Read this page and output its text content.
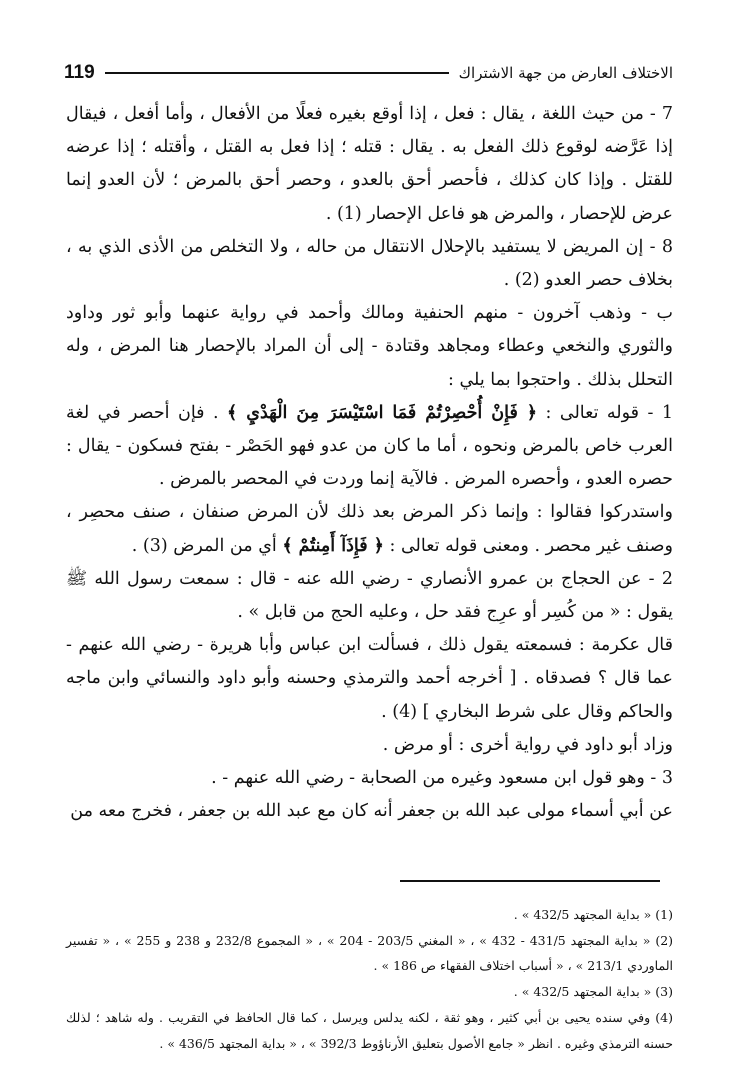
119	الاختلاف العارض من جهة الاشتراك

7 - من حيث اللغة ، يقال : فعل ، إذا أوقع بغيره فعلًا من الأفعال ، وأما أفعل ، فيقال إذا عَرَّضه لوقوع ذلك الفعل به . يقال : قتله ؛ إذا فعل به القتل ، وأقتله ؛ إذا عرضه للقتل . وإذا كان كذلك ، فأحصر أحق بالعدو ، وحصر أحق بالمرض ؛ لأن العدو إنما عرض للإحصار ، والمرض هو فاعل الإحصار (1) .

8 - إن المريض لا يستفيد بالإحلال الانتقال من حاله ، ولا التخلص من الأذى الذي به ، بخلاف حصر العدو (2) .

ب - وذهب آخرون - منهم الحنفية ومالك وأحمد في رواية عنهما وأبو ثور وداود والثوري والنخعي وعطاء ومجاهد وقتادة - إلى أن المراد بالإحصار هنا المرض ، وله التحلل بذلك . واحتجوا بما يلي :

1 - قوله تعالى : ﴿ فَإِنْ أُحْصِرْتُمْ فَمَا اسْتَيْسَرَ مِنَ الْهَدْيِ ﴾ . فإن أحصر في لغة العرب خاص بالمرض ونحوه ، أما ما كان من عدو فهو الحَصْر - بفتح فسكون - يقال : حصره العدو ، وأحصره المرض . فالآية إنما وردت في المحصر بالمرض .

واستدركوا فقالوا : وإنما ذكر المرض بعد ذلك لأن المرض صنفان ، صنف محصِر ، وصنف غير محصر . ومعنى قوله تعالى : ﴿ فَإِذَآ أَمِنتُمْ ﴾ أي من المرض (3) .

2 - عن الحجاج بن عمرو الأنصاري - رضي الله عنه - قال : سمعت رسول الله ﷺ يقول : « من كُسِر أو عرِج فقد حل ، وعليه الحج من قابل » .

قال عكرمة : فسمعته يقول ذلك ، فسألت ابن عباس وأبا هريرة - رضي الله عنهم - عما قال ؟ فصدقاه . [ أخرجه أحمد والترمذي وحسنه وأبو داود والنسائي وابن ماجه والحاكم وقال على شرط البخاري ] (4) .

وزاد أبو داود في رواية أخرى : أو مرض .

3 - وهو قول ابن مسعود وغيره من الصحابة - رضي الله عنهم - .

عن أبي أسماء مولى عبد الله بن جعفر أنه كان مع عبد الله بن جعفر ، فخرج معه من

(1) « بداية المجتهد 432/5 » .

(2) « بداية المجتهد 431/5 - 432 » ، « المغني 203/5 - 204 » ، « المجموع 232/8 و 238 و 255 » ، « تفسير الماوردي 213/1 » ، « أسباب اختلاف الفقهاء ص 186 » .

(3) « بداية المجتهد 432/5 » .

(4) وفي سنده يحيى بن أبي كثير ، وهو ثقة ، لكنه يدلس ويرسل ، كما قال الحافظ في التقريب . وله شاهد ؛ لذلك حسنه الترمذي وغيره . انظر « جامع الأصول بتعليق الأرناؤوط 392/3 » ، « بداية المجتهد 436/5 » .
